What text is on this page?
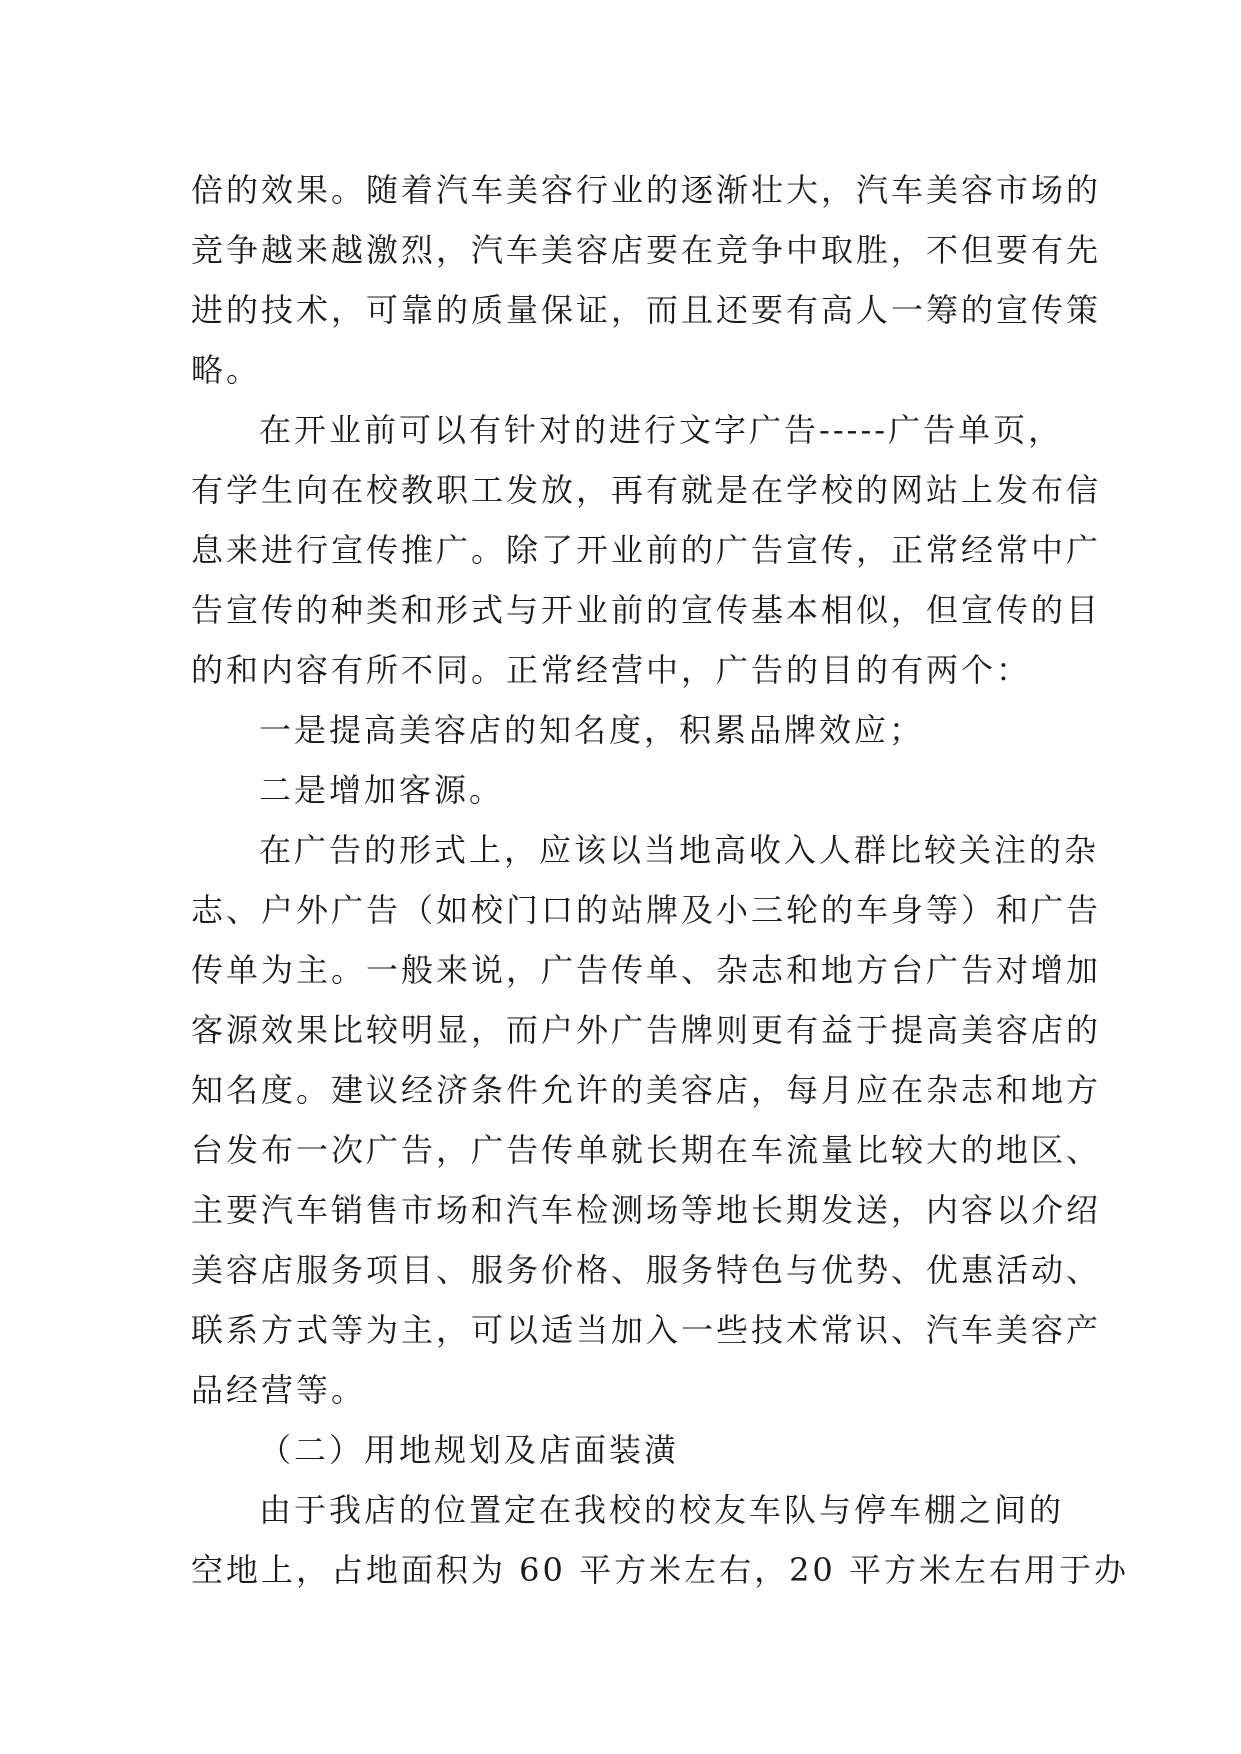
倍的效果。随着汽车美容行业的逐渐壮大，汽车美容市场的
竞争越来越激烈，汽车美容店要在竞争中取胜，不但要有先
进的技术，可靠的质量保证，而且还要有高人一筹的宣传策
略。
在开业前可以有针对的进行文字广告-----广告单页，
有学生向在校教职工发放，再有就是在学校的网站上发布信
息来进行宣传推广。除了开业前的广告宣传，正常经常中广
告宣传的种类和形式与开业前的宣传基本相似，但宣传的目
的和内容有所不同。正常经营中，广告的目的有两个：
一是提高美容店的知名度，积累品牌效应；
二是增加客源。
在广告的形式上，应该以当地高收入人群比较关注的杂
志、户外广告（如校门口的站牌及小三轮的车身等）和广告
传单为主。一般来说，广告传单、杂志和地方台广告对增加
客源效果比较明显，而户外广告牌则更有益于提高美容店的
知名度。建议经济条件允许的美容店，每月应在杂志和地方
台发布一次广告，广告传单就长期在车流量比较大的地区、
主要汽车销售市场和汽车检测场等地长期发送，内容以介绍
美容店服务项目、服务价格、服务特色与优势、优惠活动、
联系方式等为主，可以适当加入一些技术常识、汽车美容产
品经营等。
（二）用地规划及店面装潢
由于我店的位置定在我校的校友车队与停车棚之间的
空地上，占地面积为 60 平方米左右，20 平方米左右用于办
